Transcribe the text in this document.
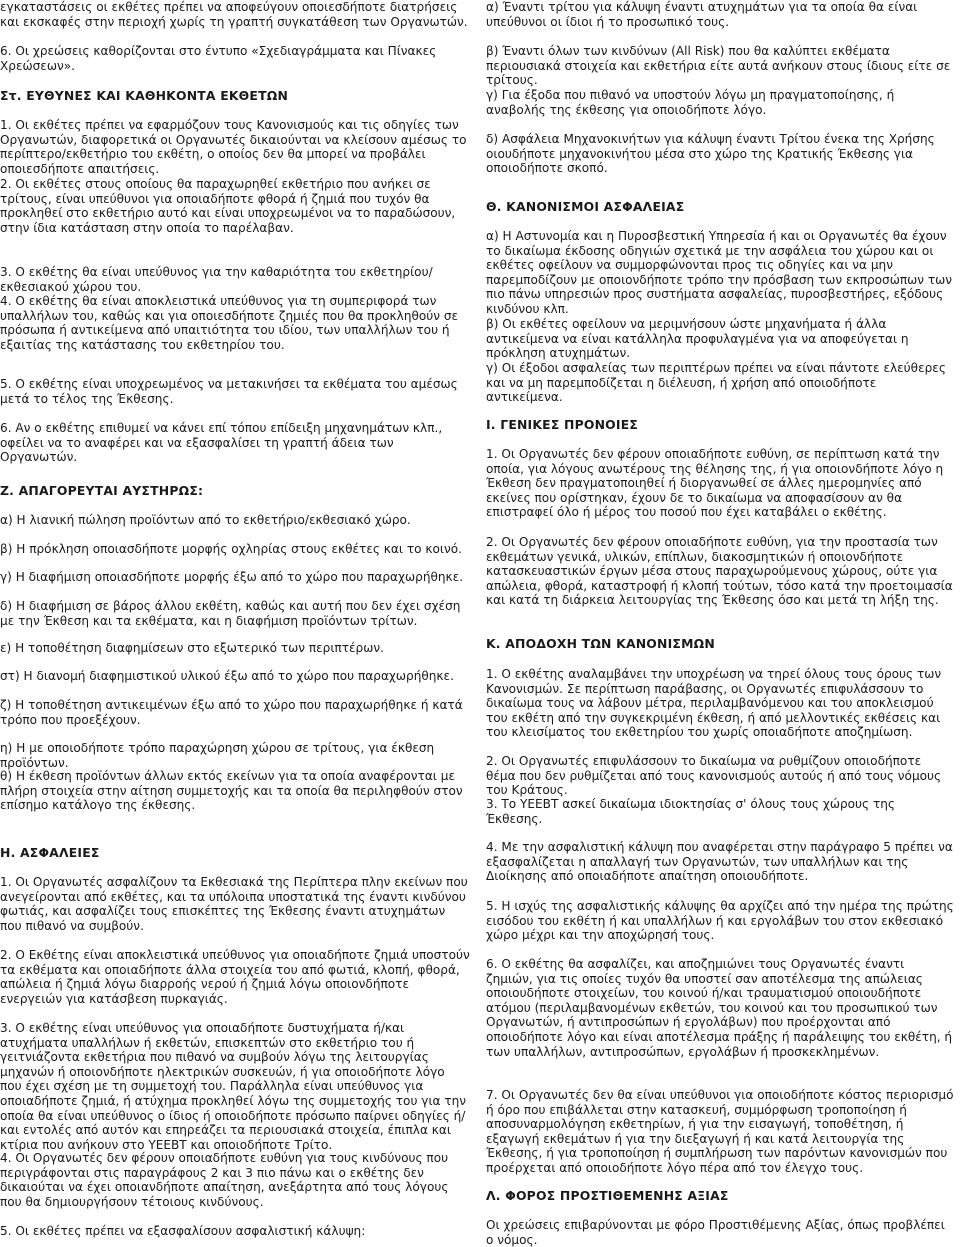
εγκαταστάσεις οι εκθέτες πρέπει να αποφεύγουν οποιεσδήποτε διατρήσεις και εκσκαφές στην περιοχή χωρίς τη γραπτή συγκατάθεση των Οργανωτών.

6. Οι χρεώσεις καθορίζονται στο έντυπο «Σχεδιαγράμματα και Πίνακες Χρεώσεων».

Στ. ΕΥΘΥΝΕΣ ΚΑΙ ΚΑΘΗΚΟΝΤΑ ΕΚΘΕΤΩΝ

1. Οι εκθέτες πρέπει να εφαρμόζουν τους Κανονισμούς και τις οδηγίες των Οργανωτών, διαφορετικά οι Οργανωτές δικαιούνται να κλείσουν αμέσως το περίπτερο/εκθετήριο του εκθέτη, ο οποίος δεν θα μπορεί να προβάλει οποιεσδήποτε απαιτήσεις.

2. Οι εκθέτες στους οποίους θα παραχωρηθεί εκθετήριο που ανήκει σε τρίτους, είναι υπεύθυνοι για οποιαδήποτε φθορά ή ζημιά που τυχόν θα προκληθεί στο εκθετήριο αυτό και είναι υποχρεωμένοι να το παραδώσουν, στην ίδια κατάσταση στην οποία το παρέλαβαν.

3. Ο εκθέτης θα είναι υπεύθυνος για την καθαριότητα του εκθετηρίου/εκθεσιακού χώρου του.

4. Ο εκθέτης θα είναι αποκλειστικά υπεύθυνος για τη συμπεριφορά των υπαλλήλων του, καθώς και για οποιεσδήποτε ζημιές που θα προκληθούν σε πρόσωπα ή αντικείμενα από υπαιτιότητα του ιδίου, των υπαλλήλων του ή εξαιτίας της κατάστασης του εκθετηρίου του.

5. Ο εκθέτης είναι υποχρεωμένος να μετακινήσει τα εκθέματα του αμέσως μετά το τέλος της Έκθεσης.

6. Αν ο εκθέτης επιθυμεί να κάνει επί τόπου επίδειξη μηχανημάτων κλπ., οφείλει να το αναφέρει και να εξασφαλίσει τη γραπτή άδεια των Οργανωτών.

Ζ. ΑΠΑΓΟΡΕΥΤΑΙ ΑΥΣΤΗΡΩΣ:

α) Η λιανική πώληση προϊόντων από το εκθετήριο/εκθεσιακό χώρο.

β) Η πρόκληση οποιασδήποτε μορφής οχληρίας στους εκθέτες και το κοινό.

γ) Η διαφήμιση οποιασδήποτε μορφής έξω από το χώρο που παραχωρήθηκε.

δ) Η διαφήμιση σε βάρος άλλου εκθέτη, καθώς και αυτή που δεν έχει σχέση με την Έκθεση και τα εκθέματα, και η διαφήμιση προϊόντων τρίτων.

ε) Η τοποθέτηση διαφημίσεων στο εξωτερικό των περιπτέρων.

στ) Η διανομή διαφημιστικού υλικού έξω από το χώρο που παραχωρήθηκε.

ζ) Η τοποθέτηση αντικειμένων έξω από το χώρο που παραχωρήθηκε ή κατά τρόπο που προεξέχουν.

η) Η με οποιοδήποτε τρόπο παραχώρηση χώρου σε τρίτους, για έκθεση προϊόντων.

θ) Η έκθεση προϊόντων άλλων εκτός εκείνων για τα οποία αναφέρονται με πλήρη στοιχεία στην αίτηση συμμετοχής και τα οποία θα περιληφθούν στον επίσημο κατάλογο της έκθεσης.

Η. ΑΣΦΑΛΕΙΕΣ

1. Οι Οργανωτές ασφαλίζουν τα Εκθεσιακά της Περίπτερα πλην εκείνων που ανεγείρονται από εκθέτες, και τα υπόλοιπα υποστατικά της έναντι κινδύνου φωτιάς, και ασφαλίζει τους επισκέπτες της Έκθεσης έναντι ατυχημάτων που πιθανό να συμβούν.

2. Ο Εκθέτης είναι αποκλειστικά υπεύθυνος για οποιαδήποτε ζημιά υποστούν τα εκθέματα και οποιαδήποτε άλλα στοιχεία του από φωτιά, κλοπή, φθορά, απώλεια ή ζημιά λόγω διαρροής νερού ή ζημιά λόγω οποιονδήποτε ενεργειών για κατάσβεση πυρκαγιάς.

3. Ο εκθέτης είναι υπεύθυνος για οποιαδήποτε δυστυχήματα ή/και ατυχήματα υπαλλήλων ή εκθετών, επισκεπτών στο εκθετήριο του ή γειτνιάζοντα εκθετήρια που πιθανό να συμβούν λόγω της λειτουργίας μηχανών ή οποιονδήποτε ηλεκτρικών συσκευών, ή για οποιοδήποτε λόγο που έχει σχέση με τη συμμετοχή του. Παράλληλα είναι υπεύθυνος για οποιαδήποτε ζημιά, ή ατύχημα προκληθεί λόγω της συμμετοχής του για την οποία θα είναι υπεύθυνος ο ίδιος ή οποιοδήποτε πρόσωπο παίρνει οδηγίες ή/και εντολές από αυτόν και επηρεάζει τα περιουσιακά στοιχεία, έπιπλα και κτίρια που ανήκουν στο ΥΕΕΒΤ και οποιοδήποτε Τρίτο.

4. Οι Οργανωτές δεν φέρουν οποιαδήποτε ευθύνη για τους κινδύνους που περιγράφονται στις παραγράφους 2 και 3 πιο πάνω και ο εκθέτης δεν δικαιούται να έχει οποιανδήποτε απαίτηση, ανεξάρτητα από τους λόγους που θα δημιουργήσουν τέτοιους κινδύνους.

5. Οι εκθέτες πρέπει να εξασφαλίσουν ασφαλιστική κάλυψη:

α) Έναντι τρίτου για κάλυψη έναντι ατυχημάτων για τα οποία θα είναι υπεύθυνοι οι ίδιοι ή το προσωπικό τους.

β) Έναντι όλων των κινδύνων (All Risk) που θα καλύπτει εκθέματα περιουσιακά στοιχεία και εκθετήρια είτε αυτά ανήκουν στους ίδιους είτε σε τρίτους.

γ) Για έξοδα που πιθανό να υποστούν λόγω μη πραγματοποίησης, ή αναβολής της έκθεσης για οποιοδήποτε λόγο.

δ) Ασφάλεια Μηχανοκινήτων για κάλυψη έναντι Τρίτου ένεκα της Χρήσης οιουδήποτε μηχανοκινήτου μέσα στο χώρο της Κρατικής Έκθεσης για οποιοδήποτε σκοπό.

Θ. ΚΑΝΟΝΙΣΜΟΙ ΑΣΦΑΛΕΙΑΣ

α) Η Αστυνομία και η Πυροσβεστική Υπηρεσία ή και οι Οργανωτές θα έχουν το δικαίωμα έκδοσης οδηγιών σχετικά με την ασφάλεια του χώρου και οι εκθέτες οφείλουν να συμμορφώνονται προς τις οδηγίες και να μην παρεμποδίζουν με οποιονδήποτε τρόπο την πρόσβαση των εκπροσώπων των πιο πάνω υπηρεσιών προς συστήματα ασφαλείας, πυροσβεστήρες, εξόδους κινδύνου κλπ.

β) Οι εκθέτες οφείλουν να μεριμνήσουν ώστε μηχανήματα ή άλλα αντικείμενα να είναι κατάλληλα προφυλαγμένα για να αποφεύγεται η πρόκληση ατυχημάτων.

γ) Οι έξοδοι ασφαλείας των περιπτέρων πρέπει να είναι πάντοτε ελεύθερες και να μη παρεμποδίζεται η διέλευση, ή χρήση από οποιοδήποτε αντικείμενα.

Ι. ΓΕΝΙΚΕΣ ΠΡΟΝΟΙΕΣ

1. Οι Οργανωτές δεν φέρουν οποιαδήποτε ευθύνη, σε περίπτωση κατά την οποία, για λόγους ανωτέρους της θέλησης της, ή για οποιονδήποτε λόγο η Έκθεση δεν πραγματοποιηθεί ή διοργανωθεί σε άλλες ημερομηνίες από εκείνες που ορίστηκαν, έχουν δε το δικαίωμα να αποφασίσουν αν θα επιστραφεί όλο ή μέρος του ποσού που έχει καταβάλει ο εκθέτης.

2. Οι Οργανωτές δεν φέρουν οποιαδήποτε ευθύνη, για την προστασία των εκθεμάτων γενικά, υλικών, επίπλων, διακοσμητικών ή οποιονδήποτε κατασκευαστικών έργων μέσα στους παραχωρούμενους χώρους, ούτε για απώλεια, φθορά, καταστροφή ή κλοπή τούτων, τόσο κατά την προετοιμασία και κατά τη διάρκεια λειτουργίας της Έκθεσης όσο και μετά τη λήξη της.

Κ. ΑΠΟΔΟΧΗ ΤΩΝ ΚΑΝΟΝΙΣΜΩΝ

1. Ο εκθέτης αναλαμβάνει την υποχρέωση να τηρεί όλους τους όρους των Κανονισμών. Σε περίπτωση παράβασης, οι Οργανωτές επιφυλάσσουν το δικαίωμα τους να λάβουν μέτρα, περιλαμβανόμενου και του αποκλεισμού του εκθέτη από την συγκεκριμένη έκθεση, ή από μελλοντικές εκθέσεις και του κλεισίματος του εκθετηρίου του χωρίς οποιαδήποτε αποζημίωση.

2. Οι Οργανωτές επιφυλάσσουν το δικαίωμα να ρυθμίζουν οποιοδήποτε θέμα που δεν ρυθμίζεται από τους κανονισμούς αυτούς ή από τους νόμους του Κράτους.

3. Το ΥΕΕΒΤ ασκεί δικαίωμα ιδιοκτησίας σ' όλους τους χώρους της Έκθεσης.

4. Με την ασφαλιστική κάλυψη που αναφέρεται στην παράγραφο 5 πρέπει να εξασφαλίζεται η απαλλαγή των Οργανωτών, των υπαλλήλων και της Διοίκησης από οποιαδήποτε απαίτηση οποιουδήποτε.

5. Η ισχύς της ασφαλιστικής κάλυψης θα αρχίζει από την ημέρα της πρώτης εισόδου του εκθέτη ή και υπαλλήλων ή και εργολάβων του στον εκθεσιακό χώρο μέχρι και την αποχώρησή τους.

6. Ο εκθέτης θα ασφαλίζει, και αποζημιώνει τους Οργανωτές έναντι ζημιών, για τις οποίες τυχόν θα υποστεί σαν αποτέλεσμα της απώλειας οποιουδήποτε στοιχείων, του κοινού ή/και τραυματισμού οποιουδήποτε ατόμου (περιλαμβανομένων εκθετών, του κοινού και του προσωπικού των Οργανωτών, ή αντιπροσώπων ή εργολάβων) που προέρχονται από οποιοδήποτε λόγο και είναι αποτέλεσμα πράξης ή παράλειψης του εκθέτη, ή των υπαλλήλων, αντιπροσώπων, εργολάβων ή προσκεκλημένων.

7. Οι Οργανωτές δεν θα είναι υπεύθυνοι για οποιοδήποτε κόστος περιορισμό ή όρο που επιβάλλεται στην κατασκευή, συμμόρφωση τροποποίηση ή αποσυναρμολόγηση εκθετηρίων, ή για την εισαγωγή, τοποθέτηση, ή εξαγωγή εκθεμάτων ή για την διεξαγωγή ή και κατά λειτουργία της Έκθεσης, ή για τροποποίηση ή συμπλήρωση των παρόντων κανονισμών που προέρχεται από οποιοδήποτε λόγο πέρα από τον έλεγχο τους.

Λ. ΦΟΡΟΣ ΠΡΟΣΤΙΘΕΜΕΝΗΣ ΑΞΙΑΣ

Οι χρεώσεις επιβαρύνονται με φόρο Προστιθέμενης Αξίας, όπως προβλέπει ο νόμος.
